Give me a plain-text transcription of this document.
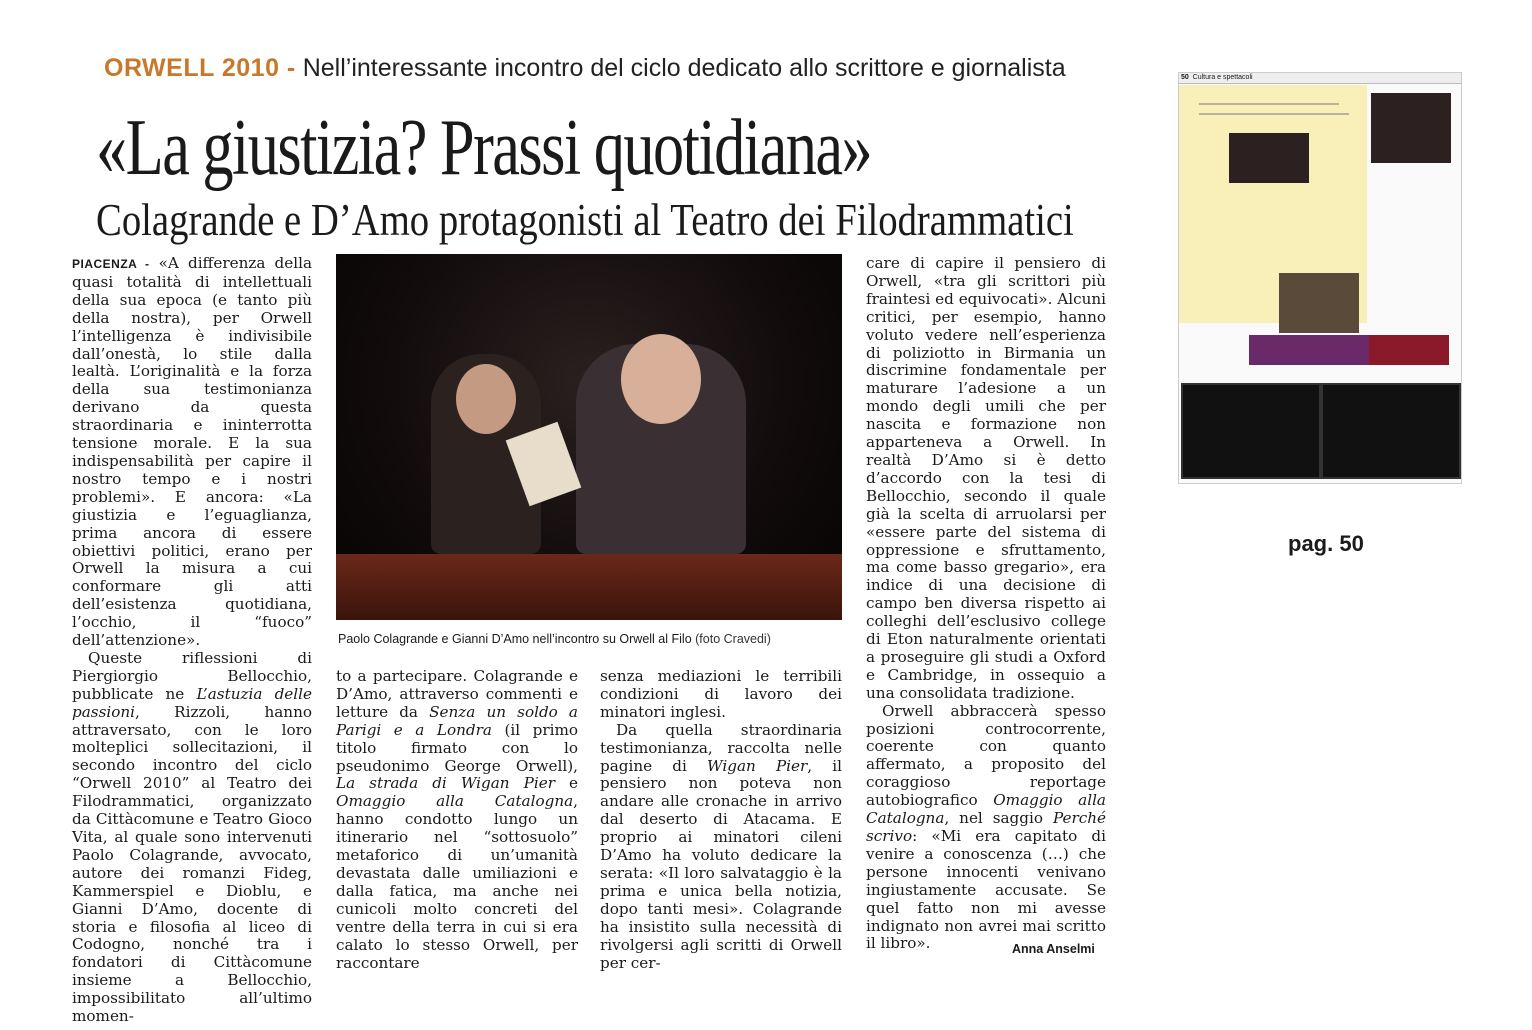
ORWELL 2010 - Nell’interessante incontro del ciclo dedicato allo scrittore e giornalista
«La giustizia? Prassi quotidiana»
Colagrande e D’Amo protagonisti al Teatro dei Filodrammatici

PIACENZA - «A differenza della quasi totalità di intellettuali della sua epoca (e tanto più della nostra), per Orwell l’intelligenza è indivisibile dall’onestà, lo stile dalla lealtà. L’originalità e la forza della sua testimonianza derivano da questa straordinaria e ininterrotta tensione morale. E la sua indispensabilità per capire il nostro tempo e i nostri problemi». E ancora: «La giustizia e l’eguaglianza, prima ancora di essere obiettivi politici, erano per Orwell la misura a cui conformare gli atti dell’esistenza quotidiana, l’occhio, il “fuoco” dell’attenzione».

Queste riflessioni di Piergiorgio Bellocchio, pubblicate ne L’astuzia delle passioni, Rizzoli, hanno attraversato, con le loro molteplici sollecitazioni, il secondo incontro del ciclo “Orwell 2010” al Teatro dei Filodrammatici, organizzato da Cittàcomune e Teatro Gioco Vita, al quale sono intervenuti Paolo Colagrande, avvocato, autore dei romanzi Fideg, Kammerspiel e Dioblu, e Gianni D’Amo, docente di storia e filosofia al liceo di Codogno, nonché tra i fondatori di Cittàcomune insieme a Bellocchio, impossibilitato all’ultimo momen-

Paolo Colagrande e Gianni D’Amo nell’incontro su Orwell al Filo (foto Cravedi)

to a partecipare. Colagrande e D’Amo, attraverso commenti e letture da Senza un soldo a Parigi e a Londra (il primo titolo firmato con lo pseudonimo George Orwell), La strada di Wigan Pier e Omaggio alla Catalogna, hanno condotto lungo un itinerario nel “sottosuolo” metaforico di un’umanità devastata dalle umiliazioni e dalla fatica, ma anche nei cunicoli molto concreti del ventre della terra in cui si era calato lo stesso Orwell, per raccontare

senza mediazioni le terribili condizioni di lavoro dei minatori inglesi.

Da quella straordinaria testimonianza, raccolta nelle pagine di Wigan Pier, il pensiero non poteva non andare alle cronache in arrivo dal deserto di Atacama. E proprio ai minatori cileni D’Amo ha voluto dedicare la serata: «Il loro salvataggio è la prima e unica bella notizia, dopo tanti mesi». Colagrande ha insistito sulla necessità di rivolgersi agli scritti di Orwell per cer-

care di capire il pensiero di Orwell, «tra gli scrittori più fraintesi ed equivocati». Alcuni critici, per esempio, hanno voluto vedere nell’esperienza di poliziotto in Birmania un discrimine fondamentale per maturare l’adesione a un mondo degli umili che per nascita e formazione non apparteneva a Orwell. In realtà D’Amo si è detto d’accordo con la tesi di Bellocchio, secondo il quale già la scelta di arruolarsi per «essere parte del sistema di oppressione e sfruttamento, ma come basso gregario», era indice di una decisione di campo ben diversa rispetto ai colleghi dell’esclusivo college di Eton naturalmente orientati a proseguire gli studi a Oxford e Cambridge, in ossequio a una consolidata tradizione.

Orwell abbraccerà spesso posizioni controcorrente, coerente con quanto affermato, a proposito del coraggioso reportage autobiografico Omaggio alla Catalogna, nel saggio Perché scrivo: «Mi era capitato di venire a conoscenza (…) che persone innocenti venivano ingiustamente accusate. Se quel fatto non mi avesse indignato non avrei mai scritto il libro».	Anna Anselmi
50 Cultura e spettacoli
pag. 50
